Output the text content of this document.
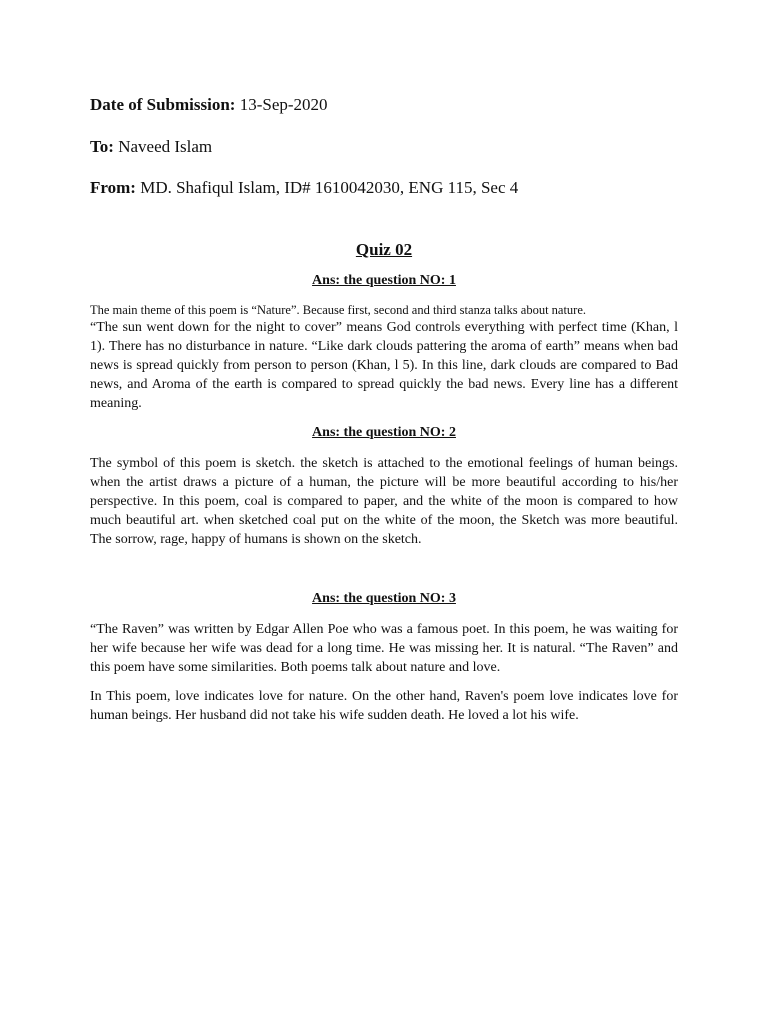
Date of Submission: 13-Sep-2020
To: Naveed Islam
From: MD. Shafiqul Islam, ID# 1610042030, ENG 115, Sec 4
Quiz 02
Ans: the question NO: 1
The main theme of this poem is “Nature”. Because first, second and third stanza talks about nature.
“The sun went down for the night to cover” means God controls everything with perfect time (Khan, l 1). There has no disturbance in nature. “Like dark clouds pattering the aroma of earth” means when bad news is spread quickly from person to person (Khan, l 5). In this line, dark clouds are compared to Bad news, and Aroma of the earth is compared to spread quickly the bad news. Every line has a different meaning.
Ans: the question NO: 2
The symbol of this poem is sketch. the sketch is attached to the emotional feelings of human beings. when the artist draws a picture of a human, the picture will be more beautiful according to his/her perspective. In this poem, coal is compared to paper, and the white of the moon is compared to how much beautiful art. when sketched coal put on the white of the moon, the Sketch was more beautiful. The sorrow, rage, happy of humans is shown on the sketch.
Ans: the question NO: 3
“The Raven” was written by Edgar Allen Poe who was a famous poet. In this poem, he was waiting for her wife because her wife was dead for a long time. He was missing her. It is natural. “The Raven” and this poem have some similarities. Both poems talk about nature and love.
In This poem, love indicates love for nature. On the other hand, Raven's poem love indicates love for human beings. Her husband did not take his wife sudden death. He loved a lot his wife.
